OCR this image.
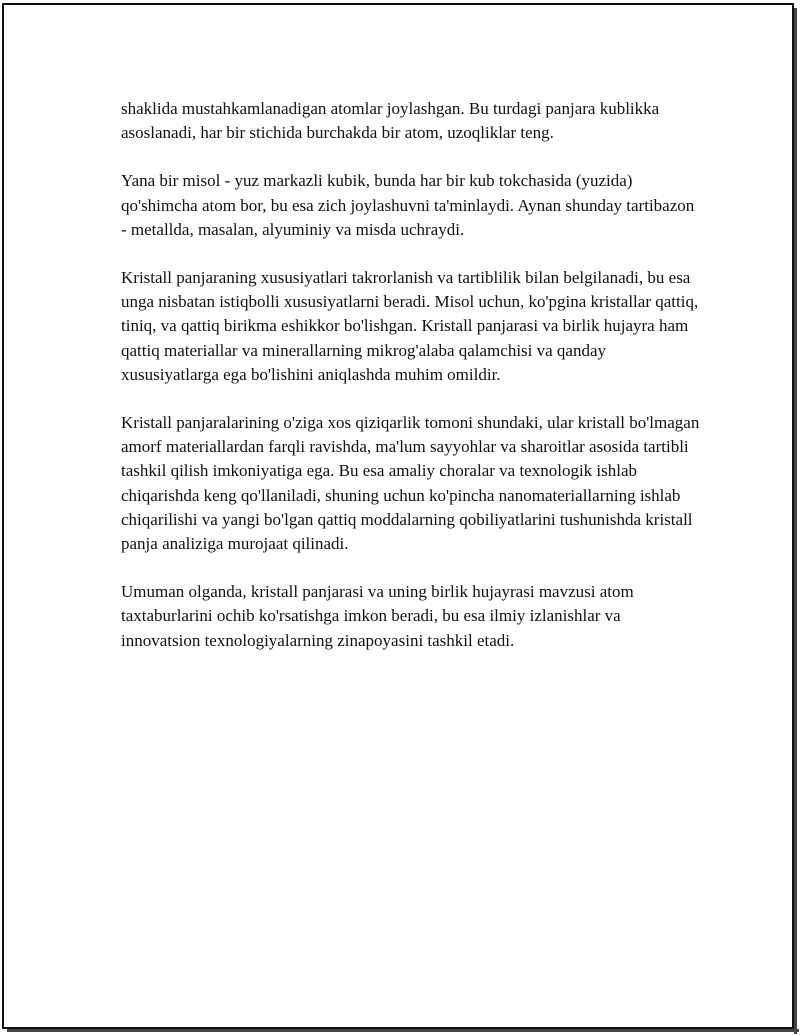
shaklida mustahkamlanadigan atomlar joylashgan. Bu turdagi panjara kublikka asoslanadi, har bir stichida burchakda bir atom, uzoqliklar teng.

Yana bir misol - yuz markazli kubik, bunda har bir kub tokchasida (yuzida) qo'shimcha atom bor, bu esa zich joylashuvni ta'minlaydi. Aynan shunday tartibazon - metallda, masalan, alyuminiy va misda uchraydi.

Kristall panjaraning xususiyatlari takrorlanish va tartiblilik bilan belgilanadi, bu esa unga nisbatan istiqbolli xususiyatlarni beradi. Misol uchun, ko'pgina kristallar qattiq, tiniq, va qattiq birikma eshikkor bo'lishgan. Kristall panjarasi va birlik hujayra ham qattiq materiallar va minerallarning mikrog'alaba qalamchisi va qanday xususiyatlarga ega bo'lishini aniqlashda muhim omildir.

Kristall panjaralarining o'ziga xos qiziqarlik tomoni shundaki, ular kristall bo'lmagan amorf materiallardan farqli ravishda, ma'lum sayyohlar va sharoitlar asosida tartibli tashkil qilish imkoniyatiga ega. Bu esa amaliy choralar va texnologik ishlab chiqarishda keng qo'llaniladi, shuning uchun ko'pincha nanomateriallarning ishlab chiqarilishi va yangi bo'lgan qattiq moddalarning qobiliyatlarini tushunishda kristall panja analiziga murojaat qilinadi.

Umuman olganda, kristall panjarasi va uning birlik hujayrasi mavzusi atom taxtaburlarini ochib ko'rsatishga imkon beradi, bu esa ilmiy izlanishlar va innovatsion texnologiyalarning zinapoyasini tashkil etadi.
